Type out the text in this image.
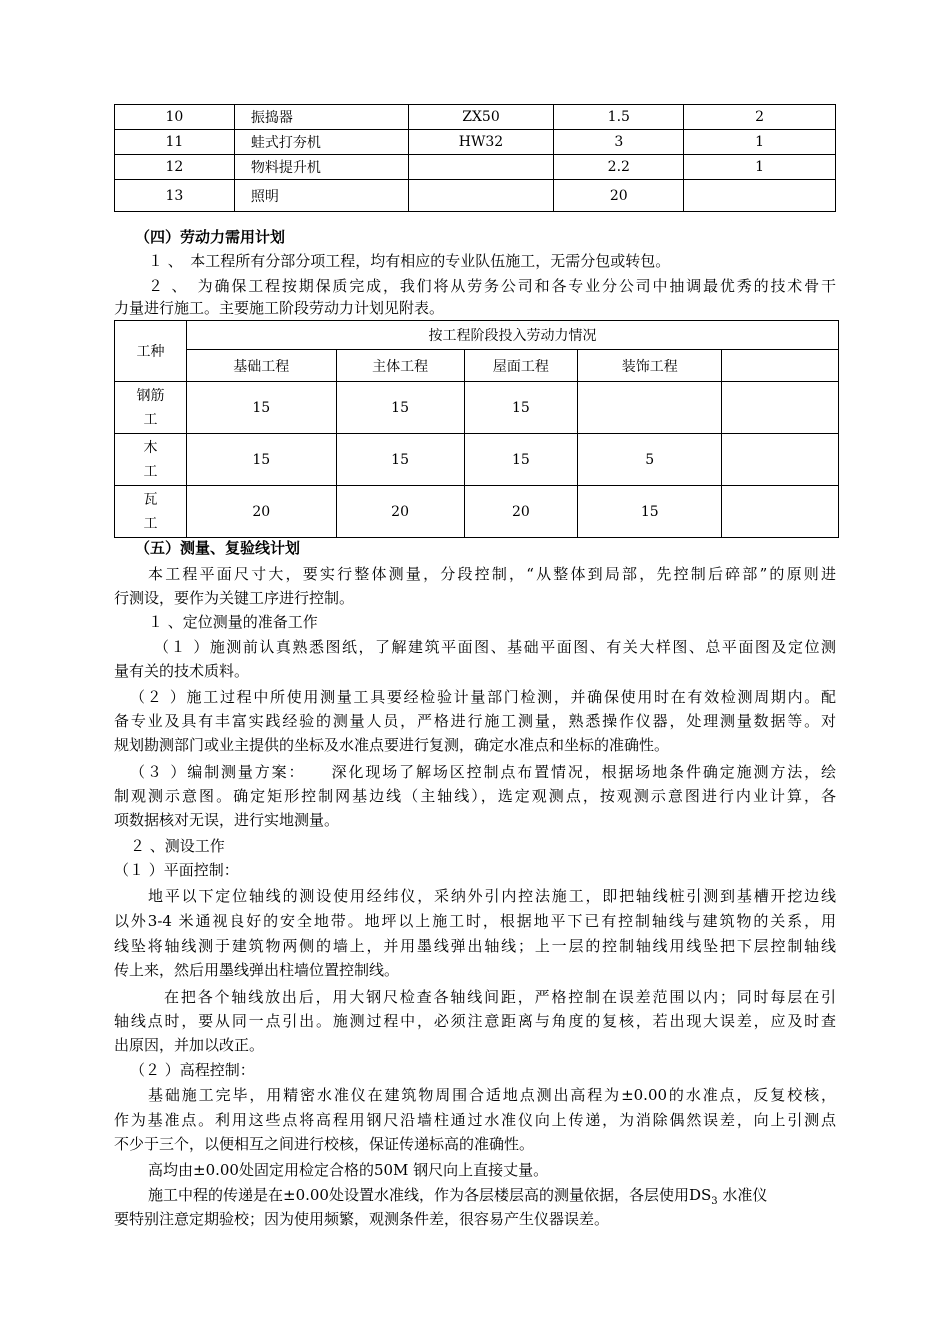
10	振捣器	ZX50	1.5	2
11	蛙式打夯机	HW32	3	1
12	物料提升机		2.2	1
13	照明		20	
（四）劳动力需用计划
１ 、　本工程所有分部分项工程，均有相应的专业队伍施工，无需分包或转包。
２ 、　为确保工程按期保质完成，我们将从劳务公司和各专业分公司中抽调最优秀的技术骨干
力量进行施工。主要施工阶段劳动力计划见附表。
工种	按工程阶段投入劳动力情况				
	基础工程	主体工程	屋面工程	装饰工程	

钢筋
工	15	15	15		

木
工	15	15	15	5	

瓦
工	20	20	20	15	
（五）测量、复验线计划
本工程平面尺寸大，要实行整体测量，分段控制，“从整体到局部，先控制后碎部”的原则进
行测设，要作为关键工序进行控制。
１ 、定位测量的准备工作
（１ ）施测前认真熟悉图纸，了解建筑平面图、基础平面图、有关大样图、总平面图及定位测
量有关的技术质料。
（２ ）施工过程中所使用测量工具要经检验计量部门检测，并确保使用时在有效检测周期内。配
备专业及具有丰富实践经验的测量人员，严格进行施工测量，熟悉操作仪器，处理测量数据等。对
规划勘测部门或业主提供的坐标及水准点要进行复测，确定水准点和坐标的准确性。
（３ ）编制测量方案：　　深化现场了解场区控制点布置情况，根据场地条件确定施测方法，绘
制观测示意图。确定矩形控制网基边线（主轴线），选定观测点，按观测示意图进行内业计算，各
项数据核对无误，进行实地测量。
２ 、测设工作
（１ ）平面控制：
地平以下定位轴线的测设使用经纬仪，采纳外引内控法施工，即把轴线桩引测到基槽开挖边线
以外3-4 米通视良好的安全地带。地坪以上施工时，根据地平下已有控制轴线与建筑物的关系，用
线坠将轴线测于建筑物两侧的墙上，并用墨线弹出轴线；上一层的控制轴线用线坠把下层控制轴线
传上来，然后用墨线弹出柱墙位置控制线。
在把各个轴线放出后，用大钢尺检查各轴线间距，严格控制在误差范围以内；同时每层在引
轴线点时，要从同一点引出。施测过程中，必须注意距离与角度的复核，若出现大误差，应及时查
出原因，并加以改正。
（２ ）高程控制：
基础施工完毕，用精密水准仪在建筑物周围合适地点测出高程为±0.00的水准点，反复校核，
作为基准点。利用这些点将高程用钢尺沿墙柱通过水准仪向上传递，为消除偶然误差，向上引测点
不少于三个，以便相互之间进行校核，保证传递标高的准确性。
高均由±0.00处固定用检定合格的50M 钢尺向上直接丈量。
施工中程的传递是在±0.00处设置水准线，作为各层楼层高的测量依据，各层使用$DS_3$ 水准仪
要特别注意定期验校；因为使用频繁，观测条件差，很容易产生仪器误差。
